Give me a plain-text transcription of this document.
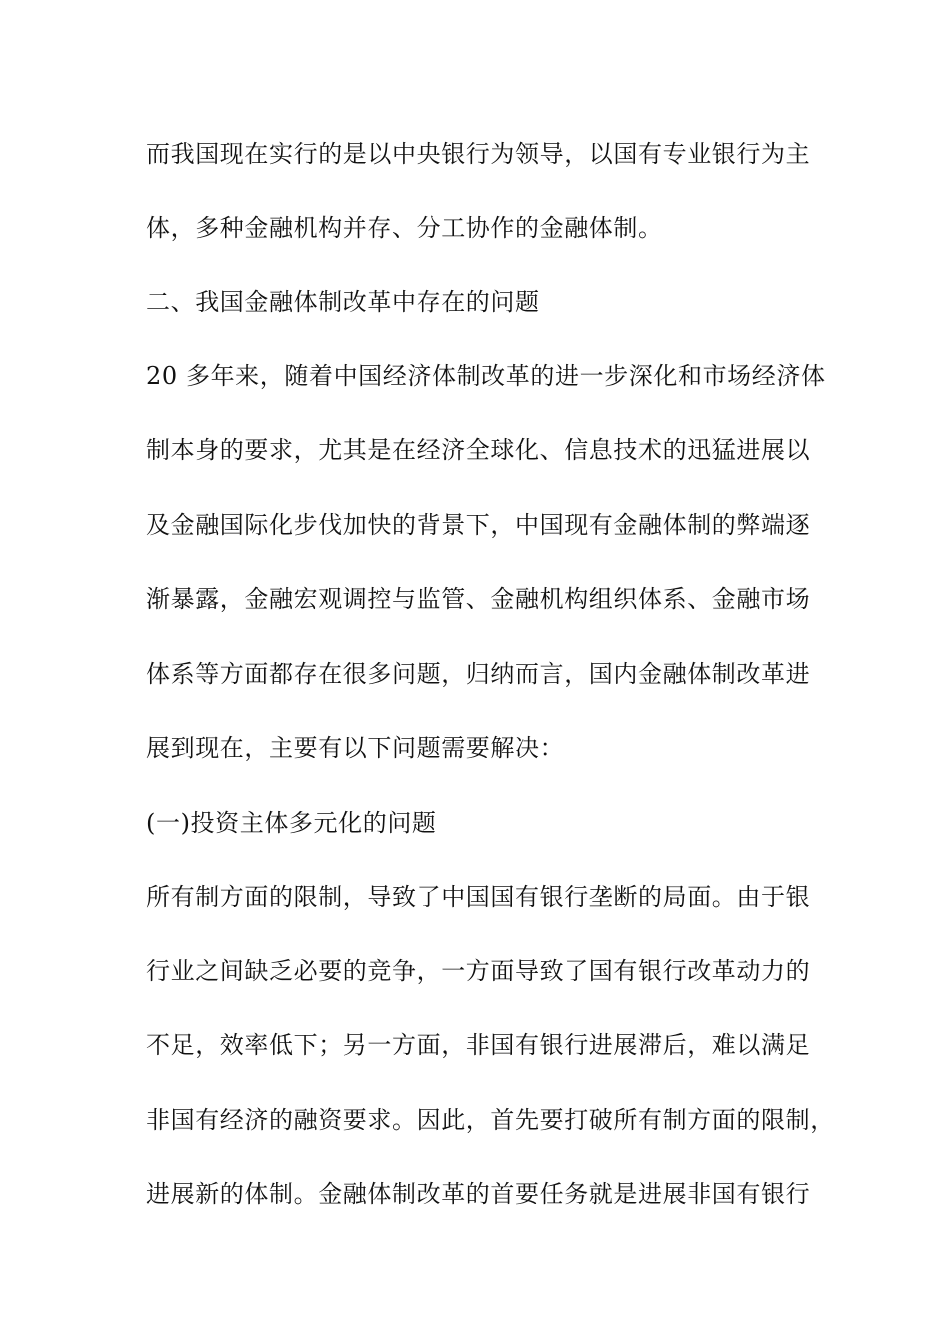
而我国现在实行的是以中央银行为领导，以国有专业银行为主
体，多种金融机构并存、分工协作的金融体制。
二、我国金融体制改革中存在的问题
20 多年来，随着中国经济体制改革的进一步深化和市场经济体
制本身的要求，尤其是在经济全球化、信息技术的迅猛进展以
及金融国际化步伐加快的背景下，中国现有金融体制的弊端逐
渐暴露，金融宏观调控与监管、金融机构组织体系、金融市场
体系等方面都存在很多问题，归纳而言，国内金融体制改革进
展到现在，主要有以下问题需要解决：
(一)投资主体多元化的问题
所有制方面的限制，导致了中国国有银行垄断的局面。由于银
行业之间缺乏必要的竞争，一方面导致了国有银行改革动力的
不足，效率低下；另一方面，非国有银行进展滞后，难以满足
非国有经济的融资要求。因此，首先要打破所有制方面的限制，
进展新的体制。金融体制改革的首要任务就是进展非国有银行
